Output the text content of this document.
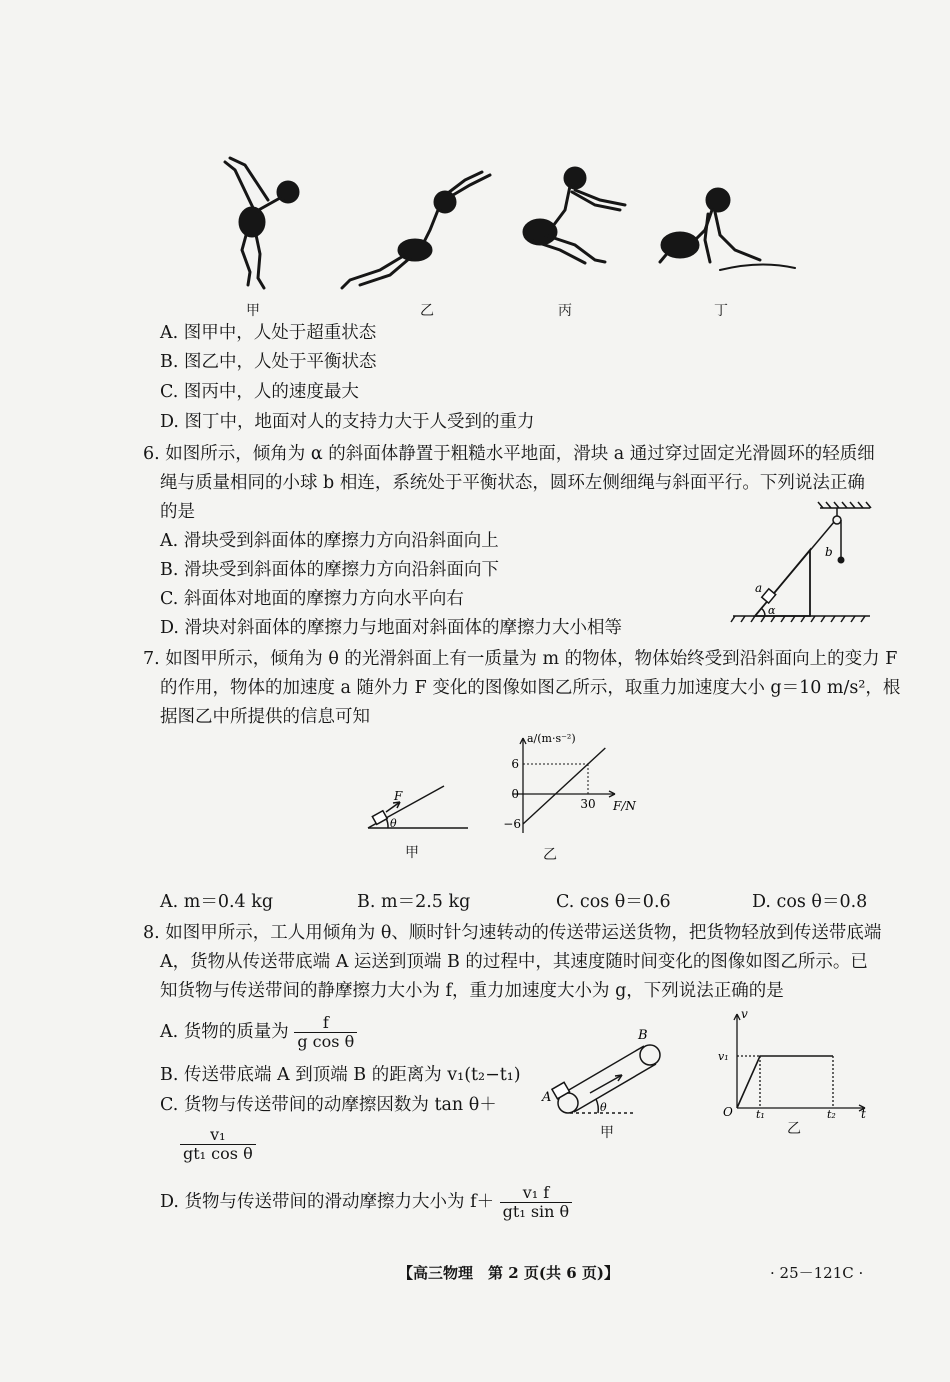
甲	乙	丙	丁
A. 图甲中，人处于超重状态
B. 图乙中，人处于平衡状态
C. 图丙中，人的速度最大
D. 图丁中，地面对人的支持力大于人受到的重力
6. 如图所示，倾角为 α 的斜面体静置于粗糙水平地面，滑块 a 通过穿过固定光滑圆环的轻质细
绳与质量相同的小球 b 相连，系统处于平衡状态，圆环左侧细绳与斜面平行。下列说法正确
的是
A. 滑块受到斜面体的摩擦力方向沿斜面向上
B. 滑块受到斜面体的摩擦力方向沿斜面向下
C. 斜面体对地面的摩擦力方向水平向右
D. 滑块对斜面体的摩擦力与地面对斜面体的摩擦力大小相等
b
a
α
7. 如图甲所示，倾角为 θ 的光滑斜面上有一质量为 m 的物体，物体始终受到沿斜面向上的变力 F
的作用，物体的加速度 a 随外力 F 变化的图像如图乙所示，取重力加速度大小 g＝10 m/s²，根
据图乙中所提供的信息可知
F
θ
甲
6
0
−6
30
a/(m·s⁻²)
F/N
乙
A. m＝0.4 kg	B. m＝2.5 kg	C. cos θ＝0.6	D. cos θ＝0.8
8. 如图甲所示，工人用倾角为 θ、顺时针匀速转动的传送带运送货物，把货物轻放到传送带底端
A，货物从传送带底端 A 运送到顶端 B 的过程中，其速度随时间变化的图像如图乙所示。已
知货物与传送带间的静摩擦力大小为 f，重力加速度大小为 g，下列说法正确的是
A. 货物的质量为 $\frac{f}{\text{g cos θ}}$
B. 传送带底端 A 到顶端 B 的距离为 v₁(t₂−t₁)
C. 货物与传送带间的动摩擦因数为 tan θ＋
$\frac{\text{v₁}}{\text{gt₁ cos θ}}$
D. 货物与传送带间的滑动摩擦力大小为 $f+ \frac{\text{v₁ f}}{\text{gt₁ sin θ}}$
A
B
θ
甲
v
v₁
O t₁	t₂ t
乙
【高三物理　第 2 页(共 6 页)】	· 25－121C ·
